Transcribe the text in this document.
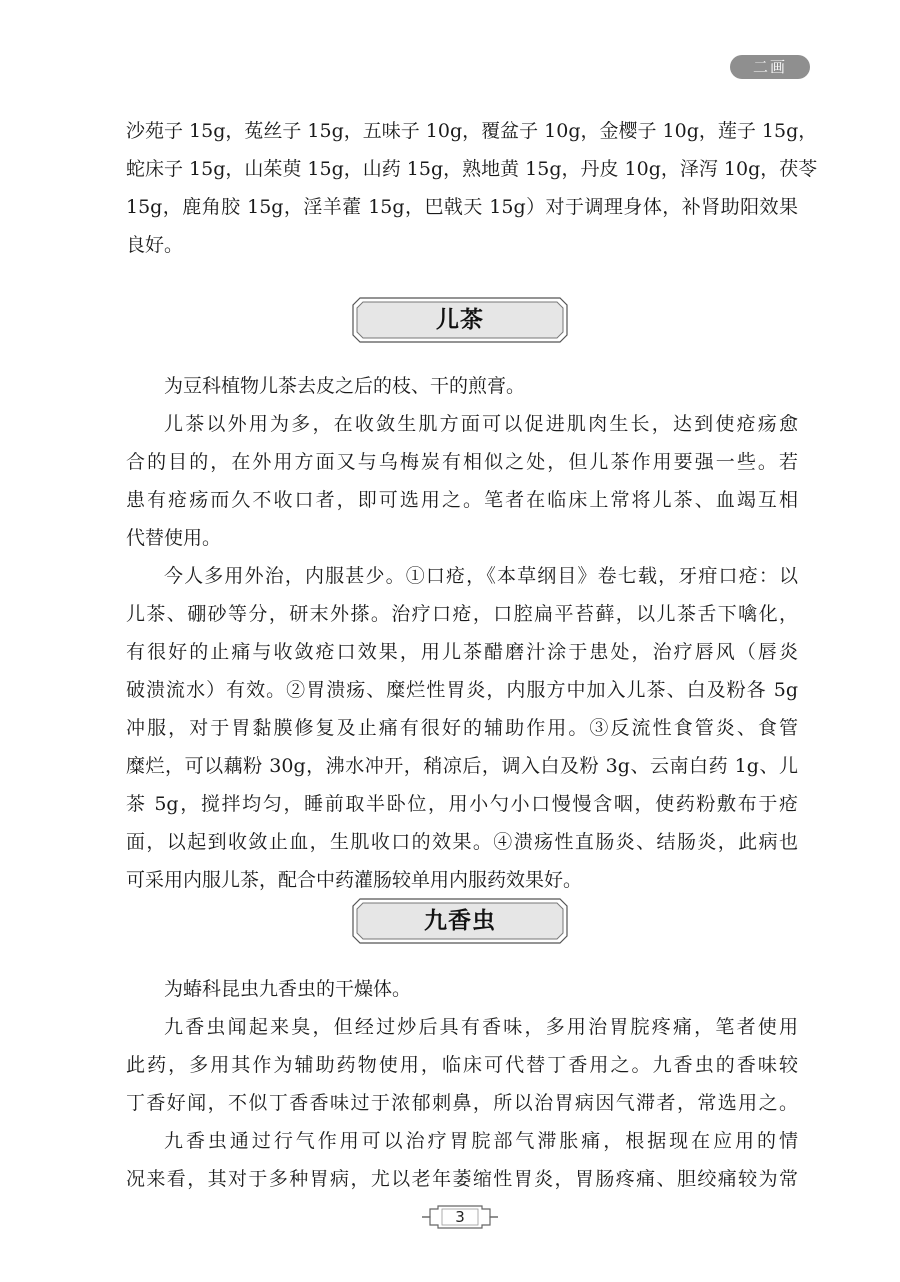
二画
沙苑子 15g，菟丝子 15g，五味子 10g，覆盆子 10g，金樱子 10g，莲子 15g，
蛇床子 15g，山茱萸 15g，山药 15g，熟地黄 15g，丹皮 10g，泽泻 10g，茯苓
15g，鹿角胶 15g，淫羊藿 15g，巴戟天 15g）对于调理身体，补肾助阳效果
良好。
儿茶
为豆科植物儿茶去皮之后的枝、干的煎膏。
儿茶以外用为多，在收敛生肌方面可以促进肌肉生长，达到使疮疡愈
合的目的，在外用方面又与乌梅炭有相似之处，但儿茶作用要强一些。若
患有疮疡而久不收口者，即可选用之。笔者在临床上常将儿茶、血竭互相
代替使用。
今人多用外治，内服甚少。①口疮，《本草纲目》卷七载，牙疳口疮：以
儿茶、硼砂等分，研末外搽。治疗口疮，口腔扁平苔藓，以儿茶舌下噙化，
有很好的止痛与收敛疮口效果，用儿茶醋磨汁涂于患处，治疗唇风（唇炎
破溃流水）有效。②胃溃疡、糜烂性胃炎，内服方中加入儿茶、白及粉各 5g
冲服，对于胃黏膜修复及止痛有很好的辅助作用。③反流性食管炎、食管
糜烂，可以藕粉 30g，沸水冲开，稍凉后，调入白及粉 3g、云南白药 1g、儿
茶 5g，搅拌均匀，睡前取半卧位，用小勺小口慢慢含咽，使药粉敷布于疮
面，以起到收敛止血，生肌收口的效果。④溃疡性直肠炎、结肠炎，此病也
可采用内服儿茶，配合中药灌肠较单用内服药效果好。
九香虫
为蝽科昆虫九香虫的干燥体。
九香虫闻起来臭，但经过炒后具有香味，多用治胃脘疼痛，笔者使用
此药，多用其作为辅助药物使用，临床可代替丁香用之。九香虫的香味较
丁香好闻，不似丁香香味过于浓郁刺鼻，所以治胃病因气滞者，常选用之。
九香虫通过行气作用可以治疗胃脘部气滞胀痛，根据现在应用的情
况来看，其对于多种胃病，尤以老年萎缩性胃炎，胃肠疼痛、胆绞痛较为常
3
